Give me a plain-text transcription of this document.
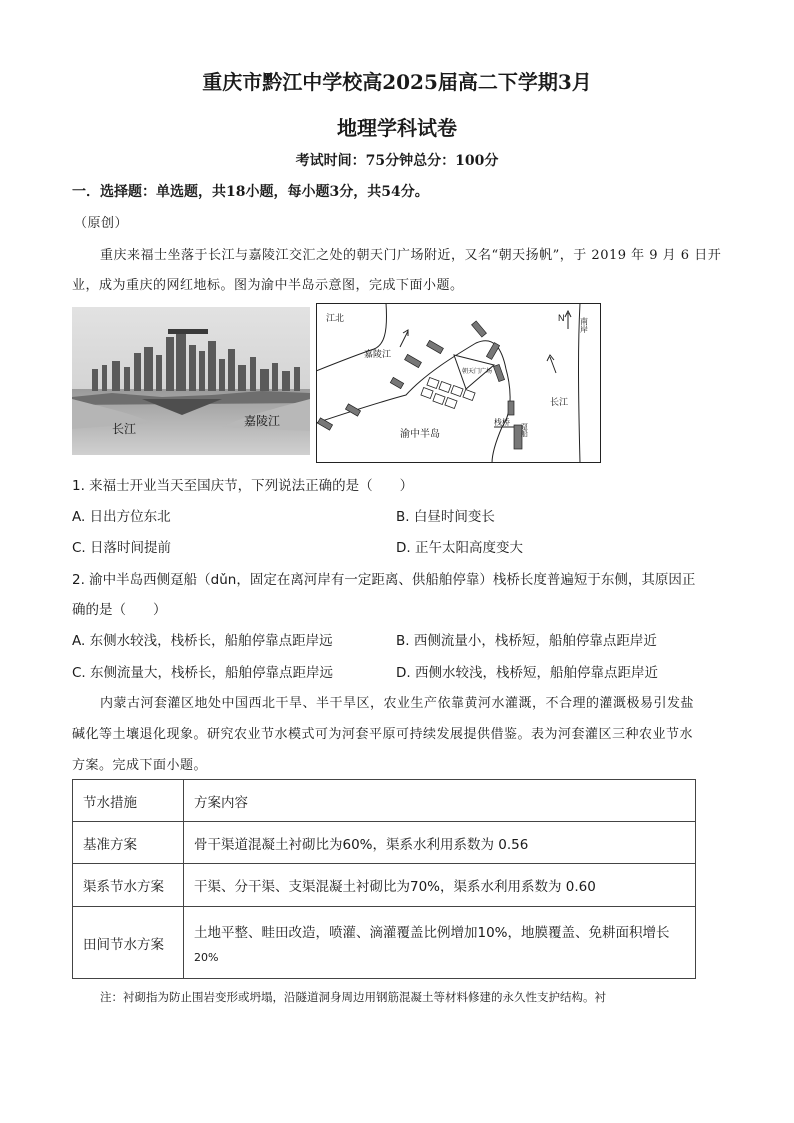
重庆市黔江中学校高2025届高二下学期3月
地理学科试卷
考试时间：75分钟总分：100分
一．选择题：单选题，共18小题，每小题3分，共54分。
（原创）
重庆来福士坐落于长江与嘉陵江交汇之处的朝天门广场附近，又名“朝天扬帆”，于 2019 年 9 月 6 日开
业，成为重庆的网红地标。图为渝中半岛示意图，完成下面小题。
长江
嘉陵江
江北	N 南岸
嘉陵江
朝天门广场
长江
渝中半岛
栈桥
趸船
1. 来福士开业当天至国庆节，下列说法正确的是（　　）
A. 日出方位东北	B. 白昼时间变长
C. 日落时间提前	D. 正午太阳高度变大
2. 渝中半岛西侧趸船（dǔn，固定在离河岸有一定距离、供船舶停靠）栈桥长度普遍短于东侧，其原因正
确的是（　　）
A. 东侧水较浅，栈桥长，船舶停靠点距岸远	B. 西侧流量小，栈桥短，船舶停靠点距岸近
C. 东侧流量大，栈桥长，船舶停靠点距岸远	D. 西侧水较浅，栈桥短，船舶停靠点距岸近
内蒙古河套灌区地处中国西北干旱、半干旱区，农业生产依靠黄河水灌溉，不合理的灌溉极易引发盐
碱化等土壤退化现象。研究农业节水模式可为河套平原可持续发展提供借鉴。表为河套灌区三种农业节水
方案。完成下面小题。
节水措施	方案内容
基准方案	骨干渠道混凝土衬砌比为60%，渠系水利用系数为 0.56
渠系节水方案	干渠、分干渠、支渠混凝土衬砌比为70%，渠系水利用系数为 0.60
田间节水方案	土地平整、畦田改造，喷灌、滴灌覆盖比例增加10%，地膜覆盖、免耕面积增长
20%
注：衬砌指为防止围岩变形或坍塌，沿隧道洞身周边用钢筋混凝土等材料修建的永久性支护结构。衬
